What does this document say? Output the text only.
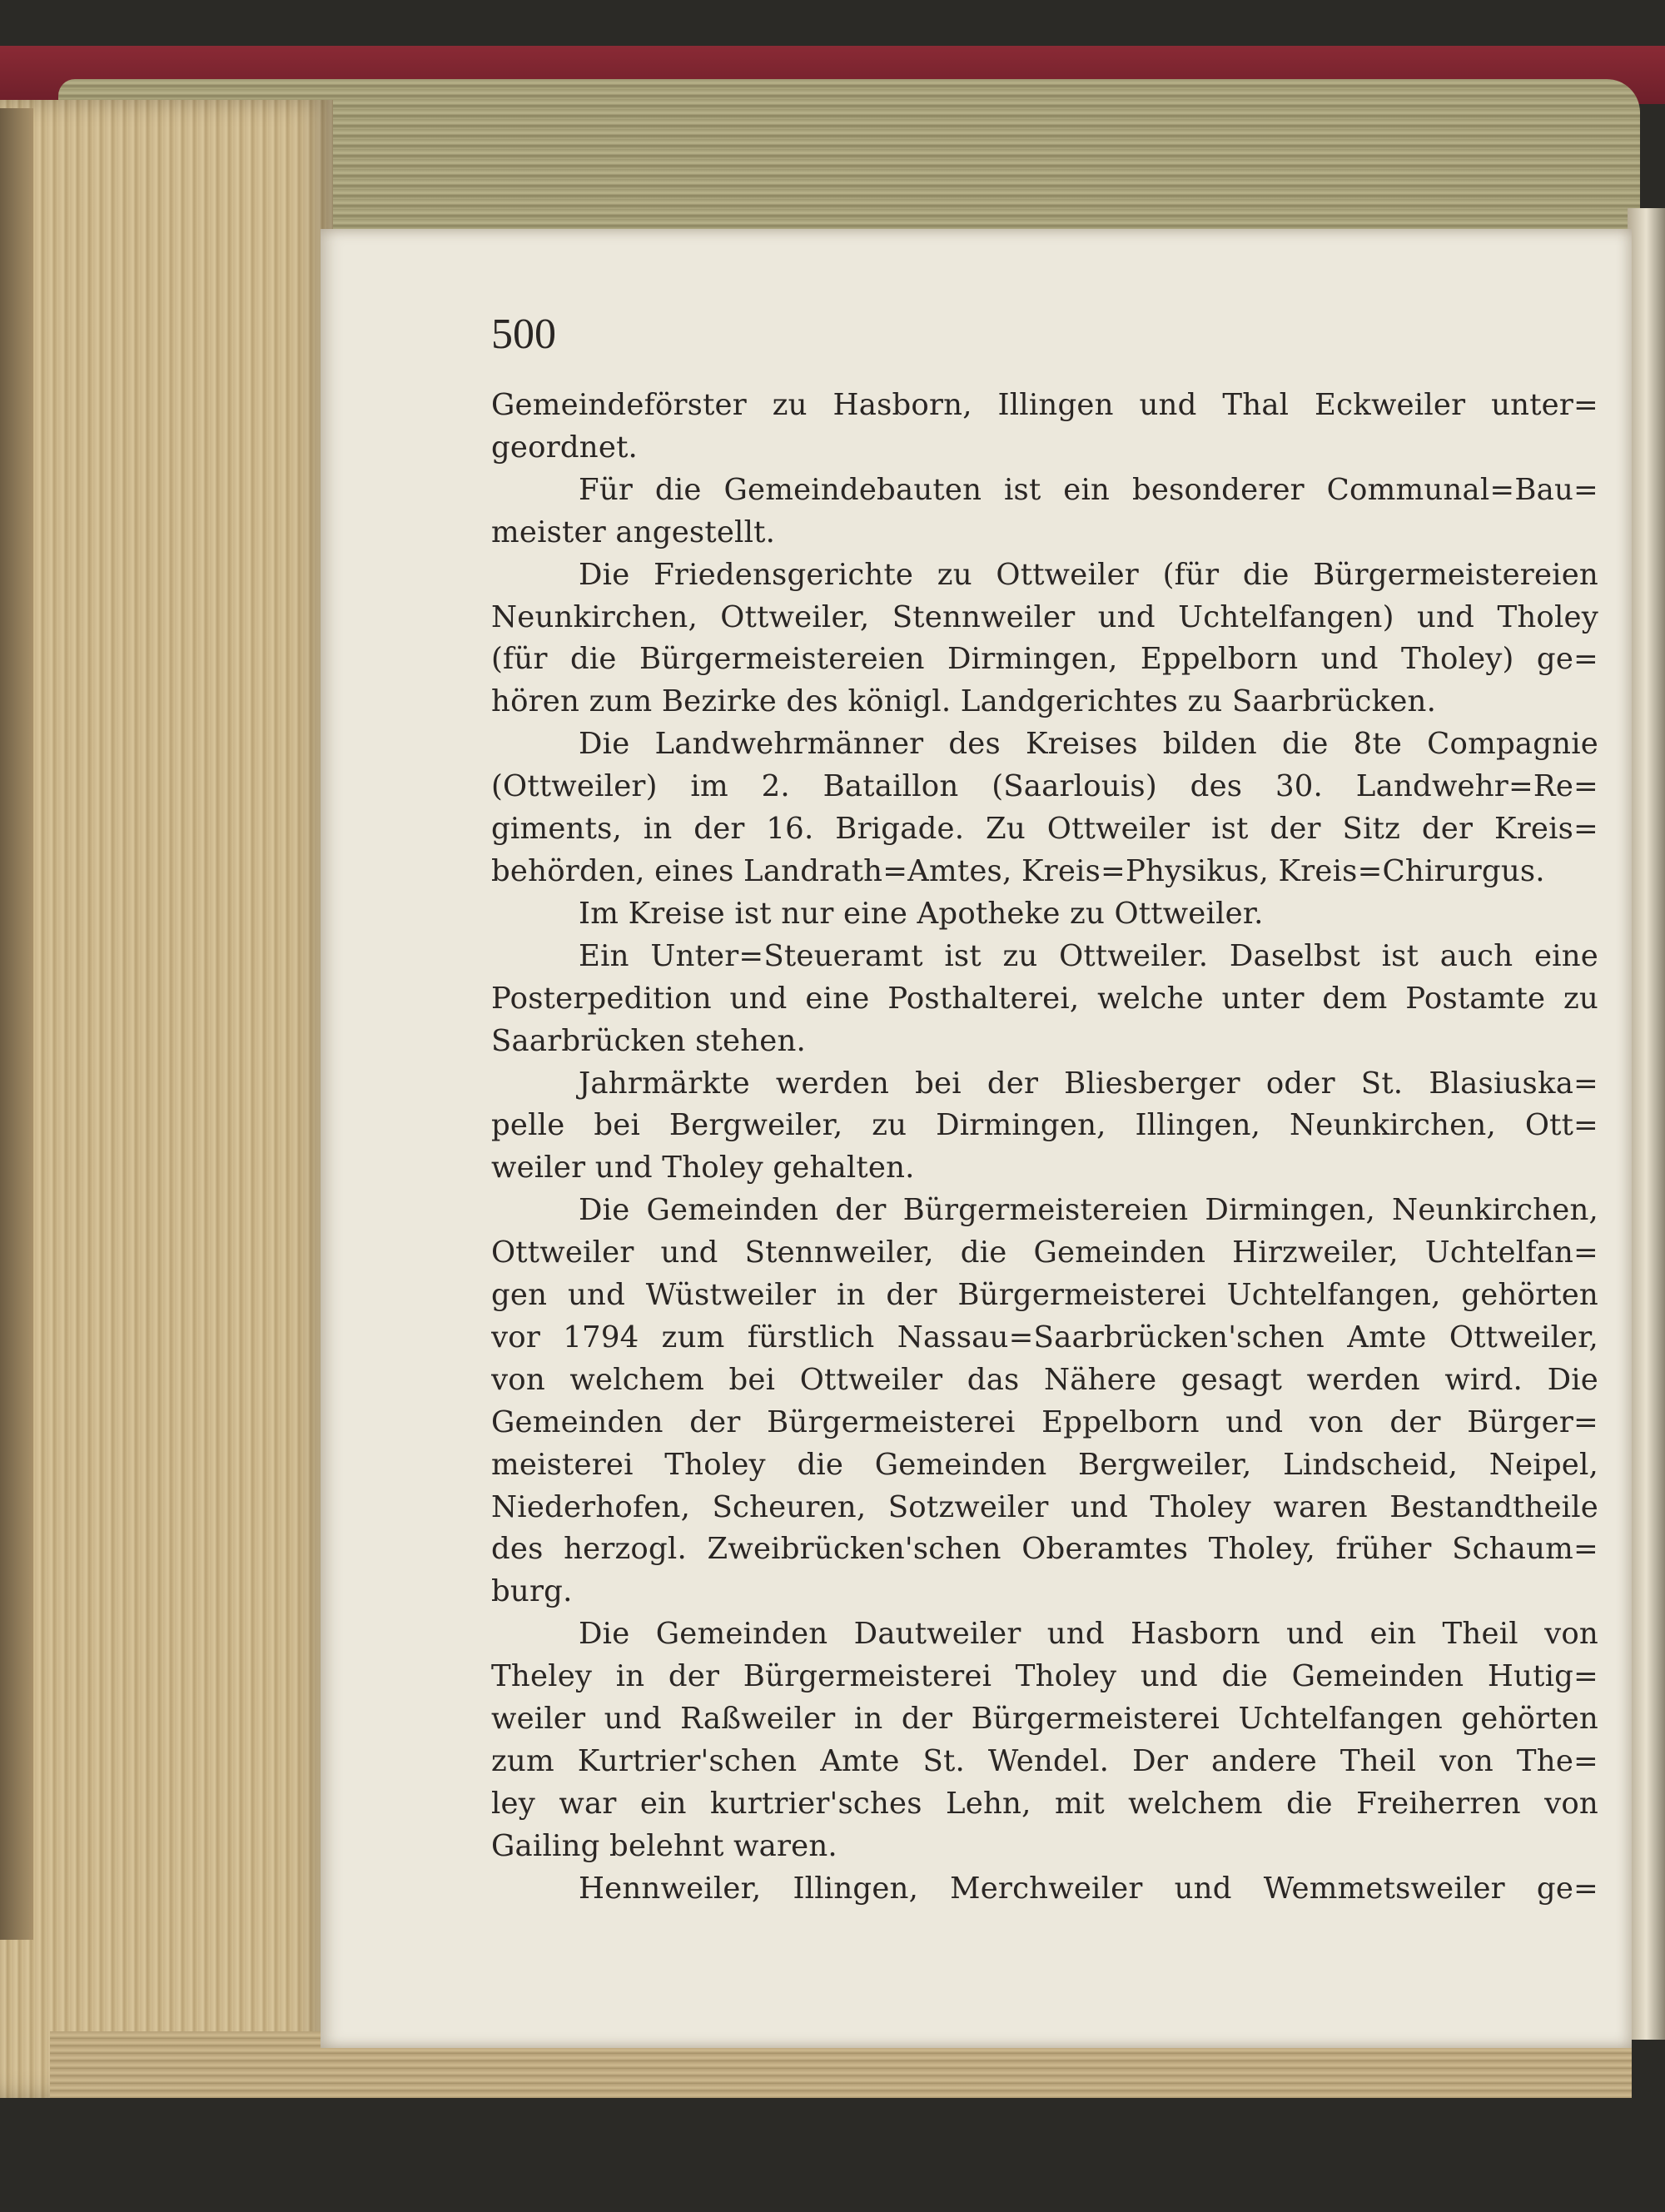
500

Gemeindeförster zu Hasborn, Illingen und Thal Eckweiler unter=
geordnet.
Für die Gemeindebauten ist ein besonderer Communal=Bau=
meister angestellt.
Die Friedensgerichte zu Ottweiler (für die Bürgermeistereien
Neunkirchen, Ottweiler, Stennweiler und Uchtelfangen) und Tholey
(für die Bürgermeistereien Dirmingen, Eppelborn und Tholey) ge=
hören zum Bezirke des königl. Landgerichtes zu Saarbrücken.
Die Landwehrmänner des Kreises bilden die 8te Compagnie
(Ottweiler) im 2. Bataillon (Saarlouis) des 30. Landwehr=Re=
giments, in der 16. Brigade. Zu Ottweiler ist der Sitz der Kreis=
behörden, eines Landrath=Amtes, Kreis=Physikus, Kreis=Chirurgus.
Im Kreise ist nur eine Apotheke zu Ottweiler.
Ein Unter=Steueramt ist zu Ottweiler. Daselbst ist auch eine
Posterpedition und eine Posthalterei, welche unter dem Postamte zu
Saarbrücken stehen.
Jahrmärkte werden bei der Bliesberger oder St. Blasiuska=
pelle bei Bergweiler, zu Dirmingen, Illingen, Neunkirchen, Ott=
weiler und Tholey gehalten.
Die Gemeinden der Bürgermeistereien Dirmingen, Neunkirchen,
Ottweiler und Stennweiler, die Gemeinden Hirzweiler, Uchtelfan=
gen und Wüstweiler in der Bürgermeisterei Uchtelfangen, gehörten
vor 1794 zum fürstlich Nassau=Saarbrücken'schen Amte Ottweiler,
von welchem bei Ottweiler das Nähere gesagt werden wird. Die
Gemeinden der Bürgermeisterei Eppelborn und von der Bürger=
meisterei Tholey die Gemeinden Bergweiler, Lindscheid, Neipel,
Niederhofen, Scheuren, Sotzweiler und Tholey waren Bestandtheile
des herzogl. Zweibrücken'schen Oberamtes Tholey, früher Schaum=
burg.
Die Gemeinden Dautweiler und Hasborn und ein Theil von
Theley in der Bürgermeisterei Tholey und die Gemeinden Hutig=
weiler und Raßweiler in der Bürgermeisterei Uchtelfangen gehörten
zum Kurtrier'schen Amte St. Wendel. Der andere Theil von The=
ley war ein kurtrier'sches Lehn, mit welchem die Freiherren von
Gailing belehnt waren.
Hennweiler, Illingen, Merchweiler und Wemmetsweiler ge=
